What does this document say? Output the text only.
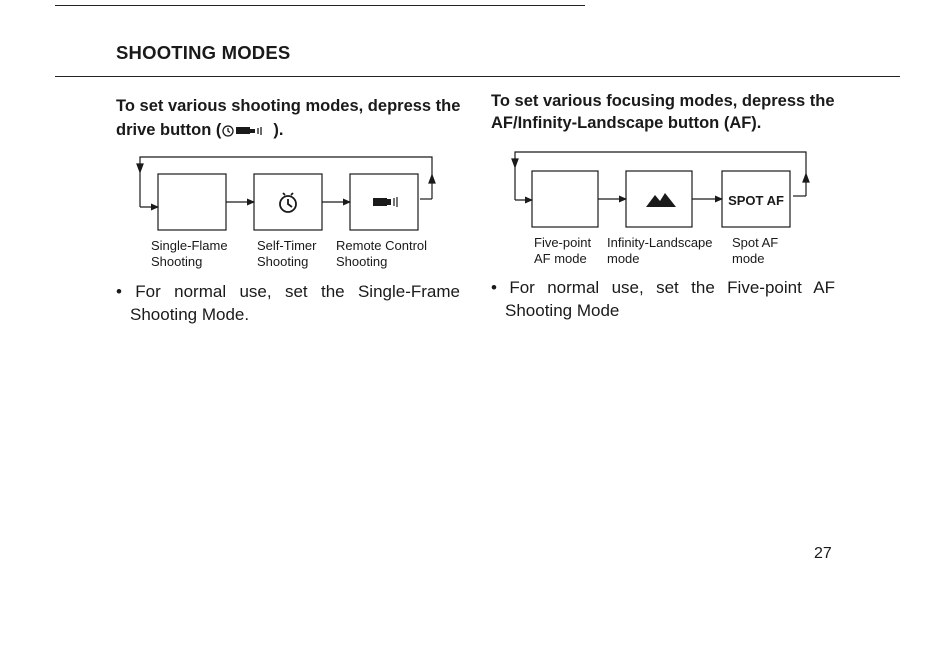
SHOOTING MODES
To set various shooting modes, depress the drive button (	).
To set various focusing modes, depress the AF/Infinity-Landscape button (AF).
SPOT AF
Single-Flame
Shooting
Self-Timer
Shooting
Remote Control
Shooting
Five-point
AF mode
Infinity-Landscape
mode
Spot AF
mode
• For normal use, set the Single-Frame Shooting Mode.
• For normal use, set the Five-point AF Shooting Mode
27
